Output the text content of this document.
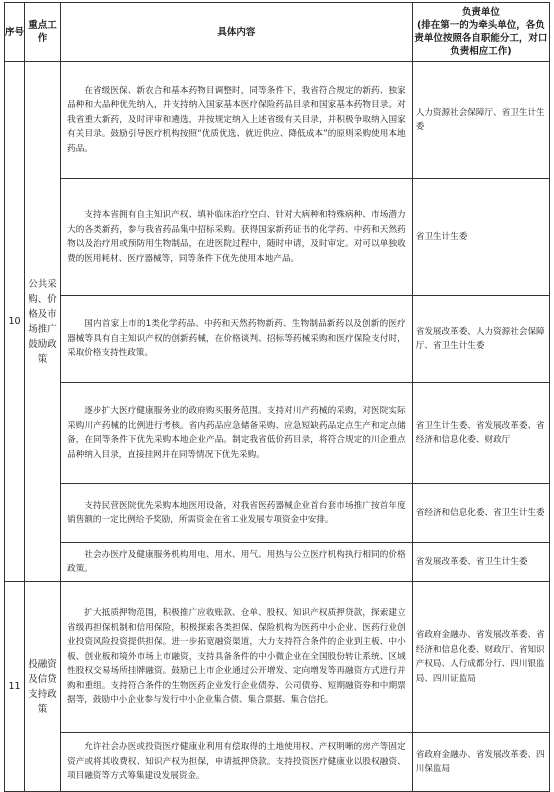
序号	重点工作	具体内容	负责单位
(排在第一的为牵头单位，各负责单位按照各自职能分工，对口负责相应工作)

10	公共采购、价格及市场推广鼓励政策	在省级医保、新农合和基本药物目调整时，同等条件下，我省符合规定的新药、独家品种和大品种优先纳入，并支持纳入国家基本医疗保险药品目录和国家基本药物目录。对我省重大新药，及时评审和遴选，并按规定纳入上述省级有关目录，并积极争取纳入国家有关目录。鼓励引导医疗机构按照“优质优选、就近供应、降低成本”的原则采购使用本地药品。	人力资源社会保障厅、省卫生计生委
		支持本省拥有自主知识产权、填补临床治疗空白、针对大病种和特殊病种、市场潜力大的各类新药，参与我省药品集中招标采购。获得国家新药证书的化学药、中药和天然药物以及治疗用或预防用生物制品，在进医院过程中，随时申请，及时审定。对可以单独收费的医用耗材、医疗器械等，同等条件下优先使用本地产品。	省卫生计生委
		国内首家上市的1类化学药品、中药和天然药物新药、生物制品新药以及创新的医疗器械等具有自主知识产权的创新药械，在价格谈判、招标等药械采购和医疗保险支付时，采取价格支持性政策。	省发展改革委、人力资源社会保障厅、省卫生计生委
		逐步扩大医疗健康服务业的政府购买服务范围。支持对川产药械的采购，对医院实际采购川产药械的比例进行考核。省内药品应急储备采购、应急短缺药品定点生产和定点储备，在同等条件下优先采购本地企业产品。制定我省低价药目录，将符合规定的川企重点品种纳入目录，直接挂网并在同等情况下优先采购。	省卫生计生委、省发展改革委、省经济和信息化委、财政厅
		支持民营医院优先采购本地医用设备，对我省医药器械企业首台套市场推广按首年度销售额的一定比例给予奖励，所需资金在省工业发展专项资金中安排。	省经济和信息化委、省卫生计生委
		社会办医疗及健康服务机构用电、用水、用气、用热与公立医疗机构执行相同的价格政策。	省发展改革委、省卫生计生委
11	投融资及信贷支持政策	扩大抵质押物范围，积极推广应收账款、仓单、股权、知识产权质押贷款，探索建立省级再担保机制和信用保险，积极探索各类担保、保险机构为医药中小企业、医药行业创业投资风险投资提供担保。进一步拓宽融资渠道，大力支持符合条件的企业到主板、中小板、创业板和境外市场上市融资，支持具备条件的中小微企业在全国股份转让系统、区域性股权交易场所挂牌融资。鼓励已上市企业通过公开增发、定向增发等再融资方式进行并购和重组。支持符合条件的生物医药企业发行企业债券、公司债券、短期融资券和中期票据等，鼓励中小企业参与发行中小企业集合债、集合票据、集合信托。	省政府金融办、省发展改革委、省经济和信息化委、财政厅、省知识产权局、人行成都分行、四川银监局、四川证监局
		允许社会办医或投资医疗健康业利用有偿取得的土地使用权、产权明晰的房产等固定资产或将其收费权、知识产权为担保，申请抵押贷款。支持投资医疗健康业以股权融资、项目融资等方式筹集建设发展资金。	省政府金融办、省发展改革委、四川保监局
